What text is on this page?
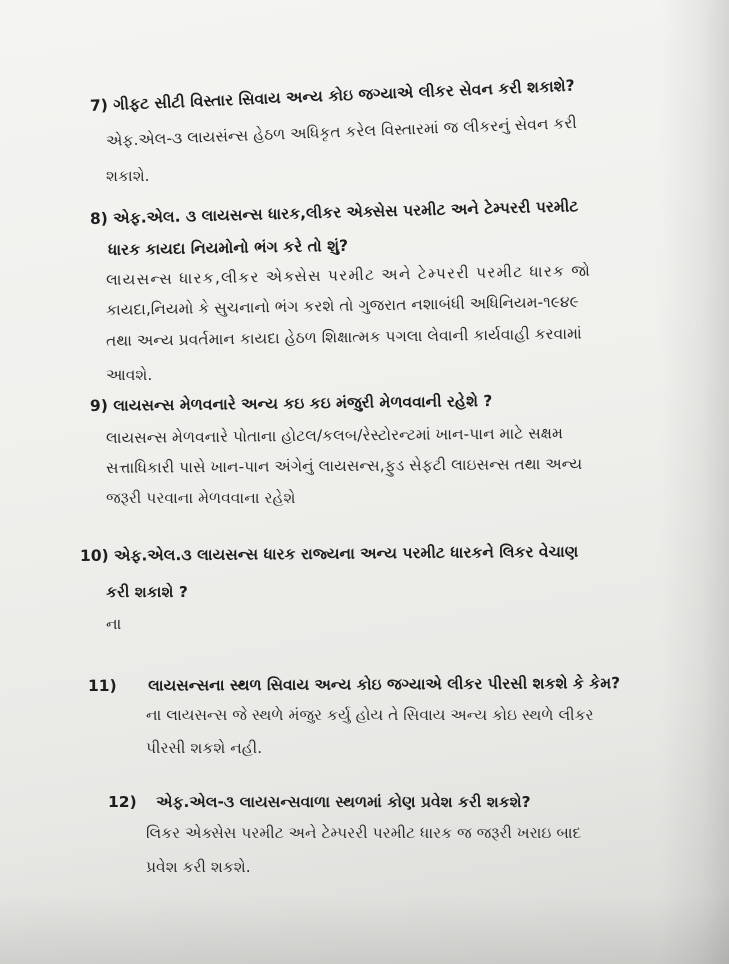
7) ગીફટ સીટી વિસ્તાર સિવાય અન્ય કોઇ જગ્યાએ લીકર સેવન કરી શકાશે?
એફ.એલ-૩ લાયસંન્સ હેઠળ અધિકૃત કરેલ વિસ્તારમાં જ લીકરનું સેવન કરી
શકાશે.
8) એફ.એલ. ૩ લાયસન્સ ધારક,લીકર એક્સેસ પરમીટ અને ટેમ્પરરી પરમીટ
ધારક કાયદા નિયમોનો ભંગ કરે તો શું?
લાયસન્સ ધારક,લીકર એક્સેસ પરમીટ અને ટેમ્પરરી પરમીટ ધારક જો
કાયદા,નિયમો કે સુચનાનો ભંગ કરશે તો ગુજરાત નશાબંધી અધિનિયમ-૧૯૪૯
તથા અન્ય પ્રવર્તમાન કાયદા હેઠળ શિક્ષાત્મક પગલા લેવાની કાર્યવાહી કરવામાં
આવશે.
9) લાયસન્સ મેળવનારે અન્ય કઇ કઇ મંજુરી મેળવવાની રહેશે ?
લાયસન્સ મેળવનારે પોતાના હોટલ/કલબ/રેસ્ટોરન્ટમાં ખાન-પાન માટે સક્ષમ
સત્તાધિકારી પાસે ખાન-પાન અંગેનું લાયસન્સ,ફુડ સેફટી લાઇસન્સ તથા અન્ય
જરૂરી પરવાના મેળવવાના રહેશે
10) એફ.એલ.૩ લાયસન્સ ધારક રાજ્યના અન્ય પરમીટ ધારકને લિકર વેચાણ
કરી શકાશે ?
ના
11) લાયસન્સના સ્થળ સિવાય અન્ય કોઇ જગ્યાએ લીકર પીરસી શકશે કે કેમ?
ના લાયસન્સ જે સ્થળે મંજુર કર્યુ હોય તે સિવાય અન્ય કોઇ સ્થળે લીકર
પીરસી શકશે નહી.
12) એફ.એલ-૩ લાયસન્સવાળા સ્થળમાં કોણ પ્રવેશ કરી શકશે?
લિકર એક્સેસ પરમીટ અને ટેમ્પરરી પરમીટ ધારક જ જરૂરી ખરાઇ બાદ
પ્રવેશ કરી શકશે.
